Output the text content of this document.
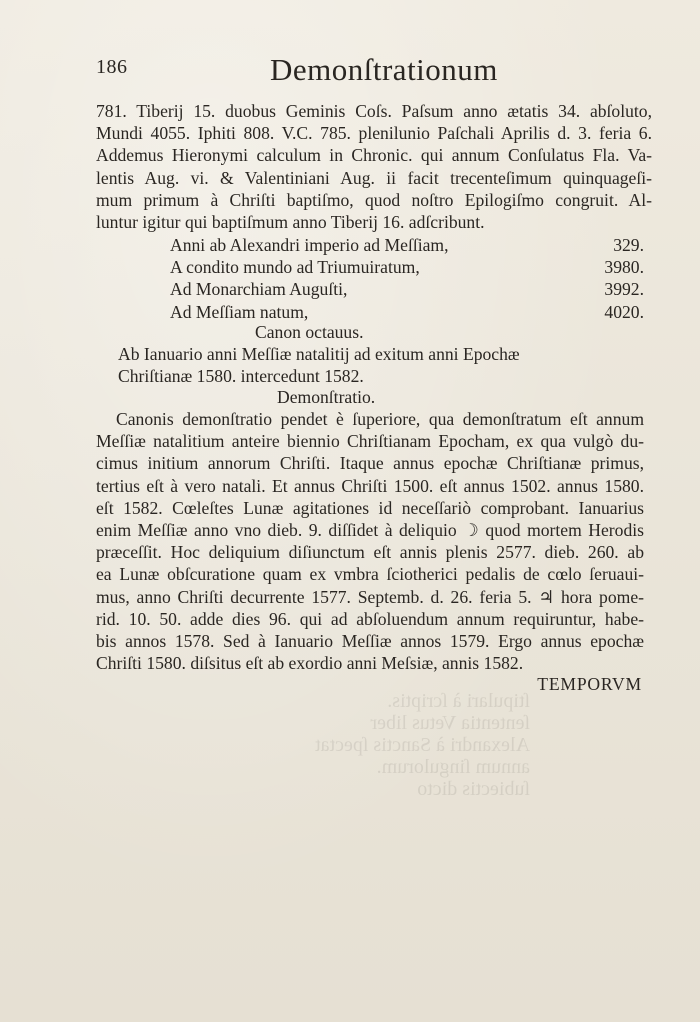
ſtipulari à ſcriptis.
ſententia Vetus liber
Alexandri à Sanctis ſpectat
annum ſingulorum.
ſubiectis dicto
186	Demonſtrationum
781. Tiberij 15. duobus Geminis Coſs. Paſsum anno ætatis 34. abſoluto,
Mundi 4055. Iphiti 808. V.C. 785. plenilunio Paſchali Aprilis d. 3. feria 6.
Addemus Hieronymi calculum in Chronic. qui annum Conſulatus Fla. Va-
lentis Aug. vi. & Valentiniani Aug. ii facit trecenteſimum quinquageſi-
mum primum à Chriſti baptiſmo, quod noſtro Epilogiſmo congruit. Al-
luntur igitur qui baptiſmum anno Tiberij 16. adſcribunt.
Anni ab Alexandri imperio ad Meſſiam,	329.
A condito mundo ad Triumuiratum,	3980.
Ad Monarchiam Auguſti,	3992.
Ad Meſſiam natum,	4020.
Canon octauus.
Ab Ianuario anni Meſſiæ natalitij ad exitum anni Epochæ
Chriſtianæ 1580. intercedunt 1582.
Demonſtratio.
Canonis demonſtratio pendet è ſuperiore, qua demonſtratum eſt annum
Meſſiæ natalitium anteire biennio Chriſtianam Epocham, ex qua vulgò du-
cimus initium annorum Chriſti. Itaque annus epochæ Chriſtianæ primus,
tertius eſt à vero natali. Et annus Chriſti 1500. eſt annus 1502. annus 1580.
eſt 1582. Cœleſtes Lunæ agitationes id neceſſariò comprobant. Ianuarius
enim Meſſiæ anno vno dieb. 9. diſſidet à deliquio ☽ quod mortem Herodis
præceſſit. Hoc deliquium diſiunctum eſt annis plenis 2577. dieb. 260. ab
ea Lunæ obſcuratione quam ex vmbra ſciotherici pedalis de cœlo ſeruaui-
mus, anno Chriſti decurrente 1577. Septemb. d. 26. feria 5. ♃ hora pome-
rid. 10. 50. adde dies 96. qui ad abſoluendum annum requiruntur, habe-
bis annos 1578. Sed à Ianuario Meſſiæ annos 1579. Ergo annus epochæ
Chriſti 1580. diſsitus eſt ab exordio anni Meſsiæ, annis 1582.
TEMPORVM
